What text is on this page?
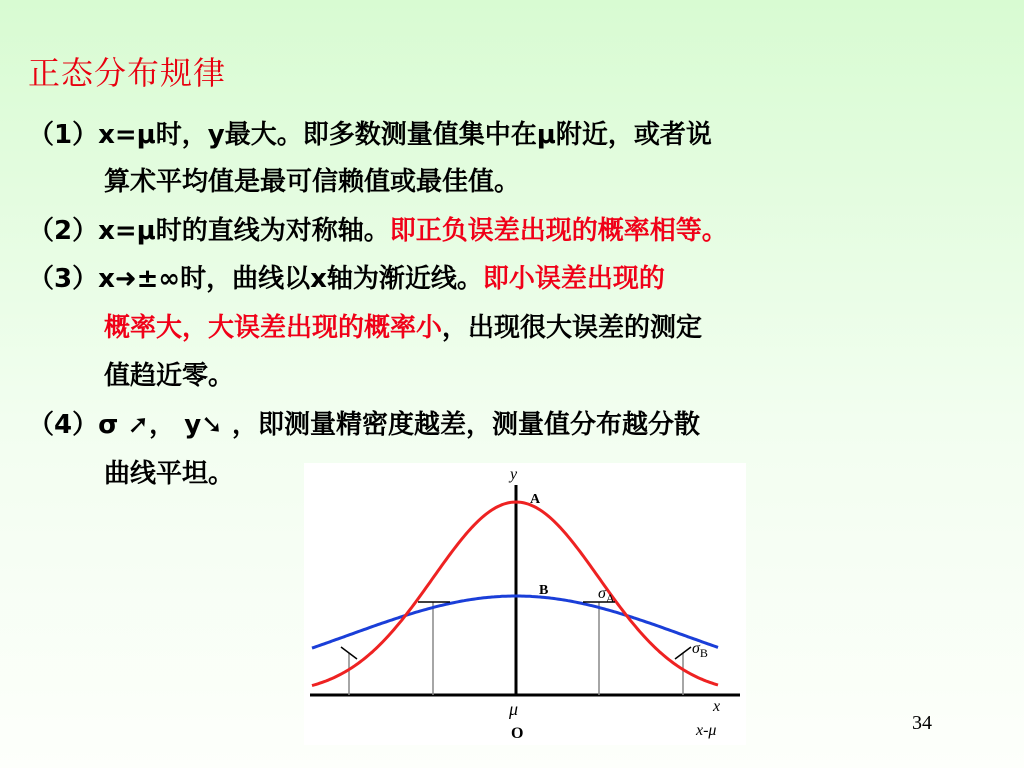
正态分布规律

（1）x=μ时，y最大。即多数测量值集中在μ附近，或者说

算术平均值是最可信赖值或最佳值。

（2）x=μ时的直线为对称轴。即正负误差出现的概率相等。

（3）x➜±∞时，曲线以x轴为渐近线。即小误差出现的

概率大，大误差出现的概率小，出现很大误差的测定

值趋近零。

（4）σ ➚， y➘ ，即测量精密度越差，测量值分布越分散

曲线平坦。	y
A
B	$\sigma_A$
$\sigma_B$
μ
O
x
x-μ	34
